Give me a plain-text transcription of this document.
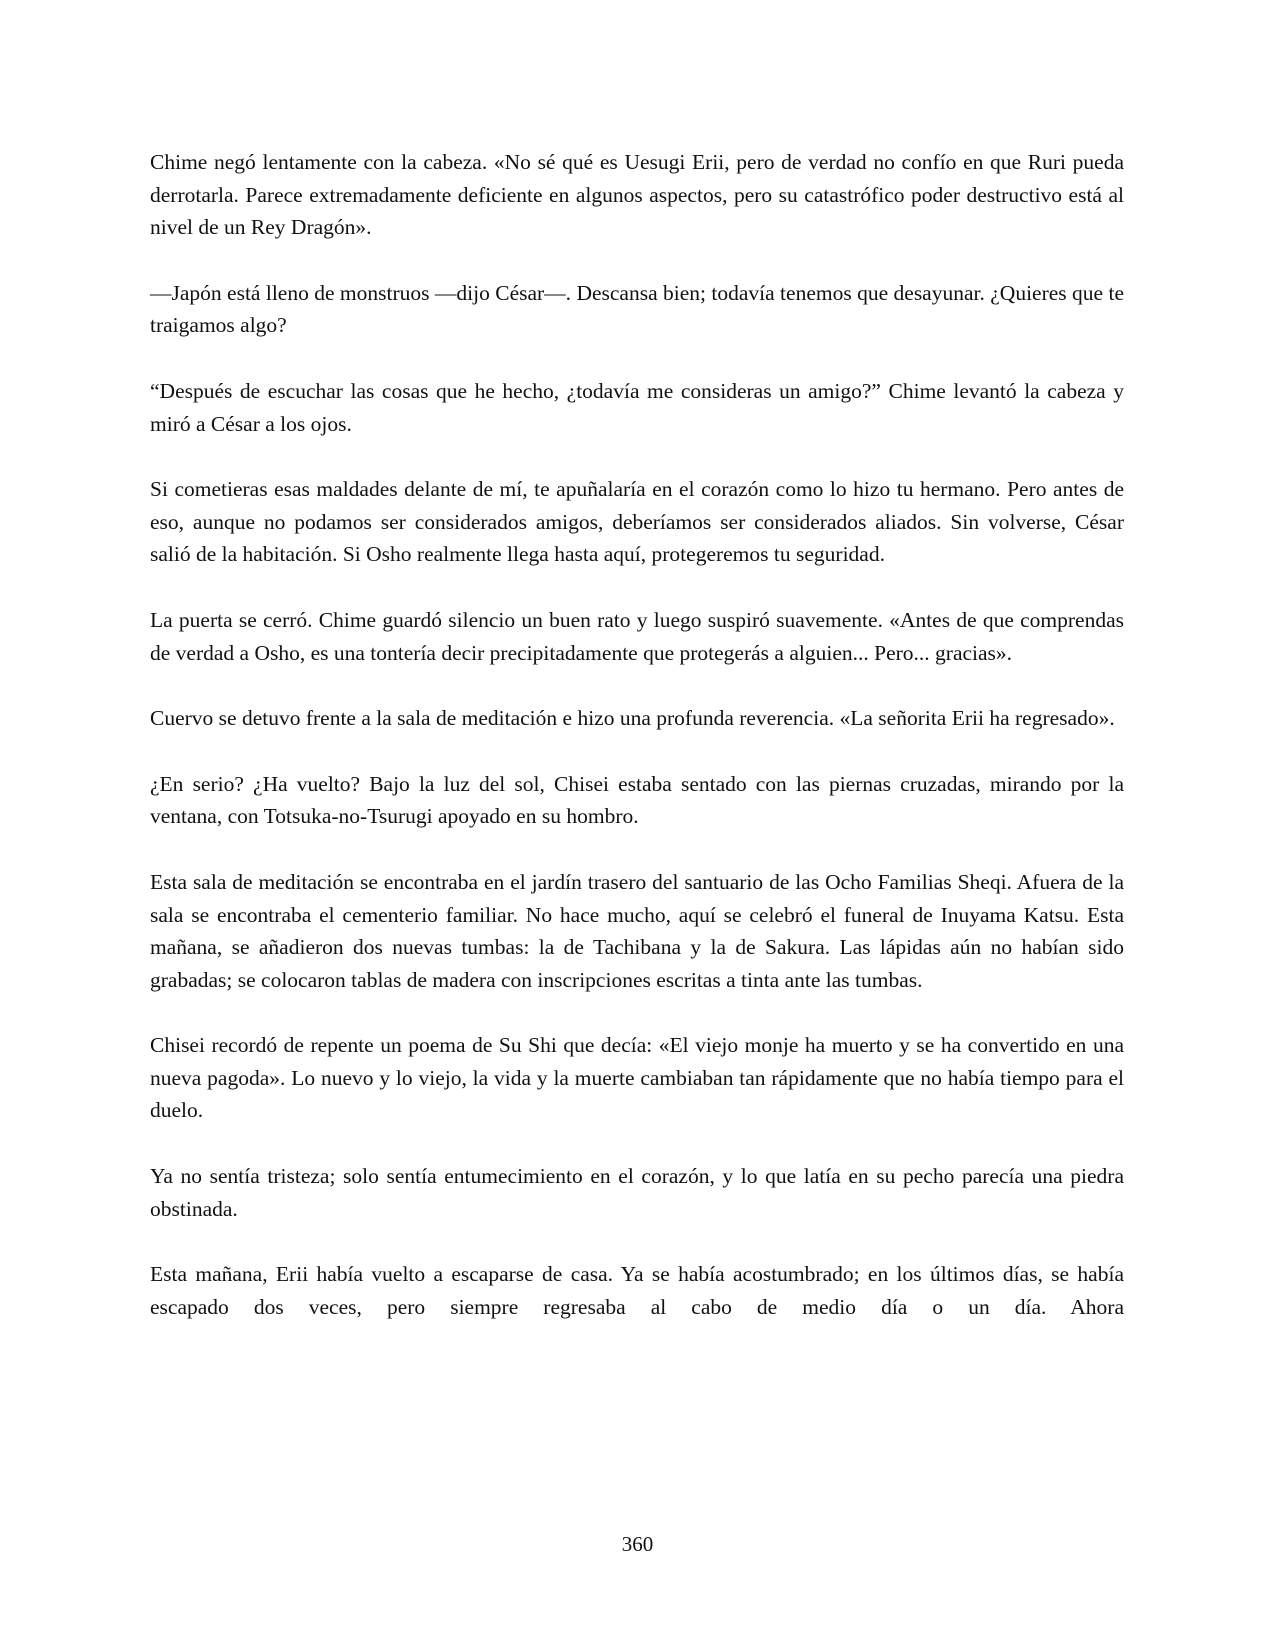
Chime negó lentamente con la cabeza. «No sé qué es Uesugi Erii, pero de verdad no confío en que Ruri pueda derrotarla. Parece extremadamente deficiente en algunos aspectos, pero su catastrófico poder destructivo está al nivel de un Rey Dragón».

—Japón está lleno de monstruos —dijo César—. Descansa bien; todavía tenemos que desayunar. ¿Quieres que te traigamos algo?

“Después de escuchar las cosas que he hecho, ¿todavía me consideras un amigo?” Chime levantó la cabeza y miró a César a los ojos.

Si cometieras esas maldades delante de mí, te apuñalaría en el corazón como lo hizo tu hermano. Pero antes de eso, aunque no podamos ser considerados amigos, deberíamos ser considerados aliados. Sin volverse, César salió de la habitación. Si Osho realmente llega hasta aquí, protegeremos tu seguridad.

La puerta se cerró. Chime guardó silencio un buen rato y luego suspiró suavemente. «Antes de que comprendas de verdad a Osho, es una tontería decir precipitadamente que protegerás a alguien... Pero... gracias».

Cuervo se detuvo frente a la sala de meditación e hizo una profunda reverencia. «La señorita Erii ha regresado».

¿En serio? ¿Ha vuelto? Bajo la luz del sol, Chisei estaba sentado con las piernas cruzadas, mirando por la ventana, con Totsuka-no-Tsurugi apoyado en su hombro.

Esta sala de meditación se encontraba en el jardín trasero del santuario de las Ocho Familias Sheqi. Afuera de la sala se encontraba el cementerio familiar. No hace mucho, aquí se celebró el funeral de Inuyama Katsu. Esta mañana, se añadieron dos nuevas tumbas: la de Tachibana y la de Sakura. Las lápidas aún no habían sido grabadas; se colocaron tablas de madera con inscripciones escritas a tinta ante las tumbas.

Chisei recordó de repente un poema de Su Shi que decía: «El viejo monje ha muerto y se ha convertido en una nueva pagoda». Lo nuevo y lo viejo, la vida y la muerte cambiaban tan rápidamente que no había tiempo para el duelo.

Ya no sentía tristeza; solo sentía entumecimiento en el corazón, y lo que latía en su pecho parecía una piedra obstinada.

Esta mañana, Erii había vuelto a escaparse de casa. Ya se había acostumbrado; en los últimos días, se había escapado dos veces, pero siempre regresaba al cabo de medio día o un día. Ahora

360
